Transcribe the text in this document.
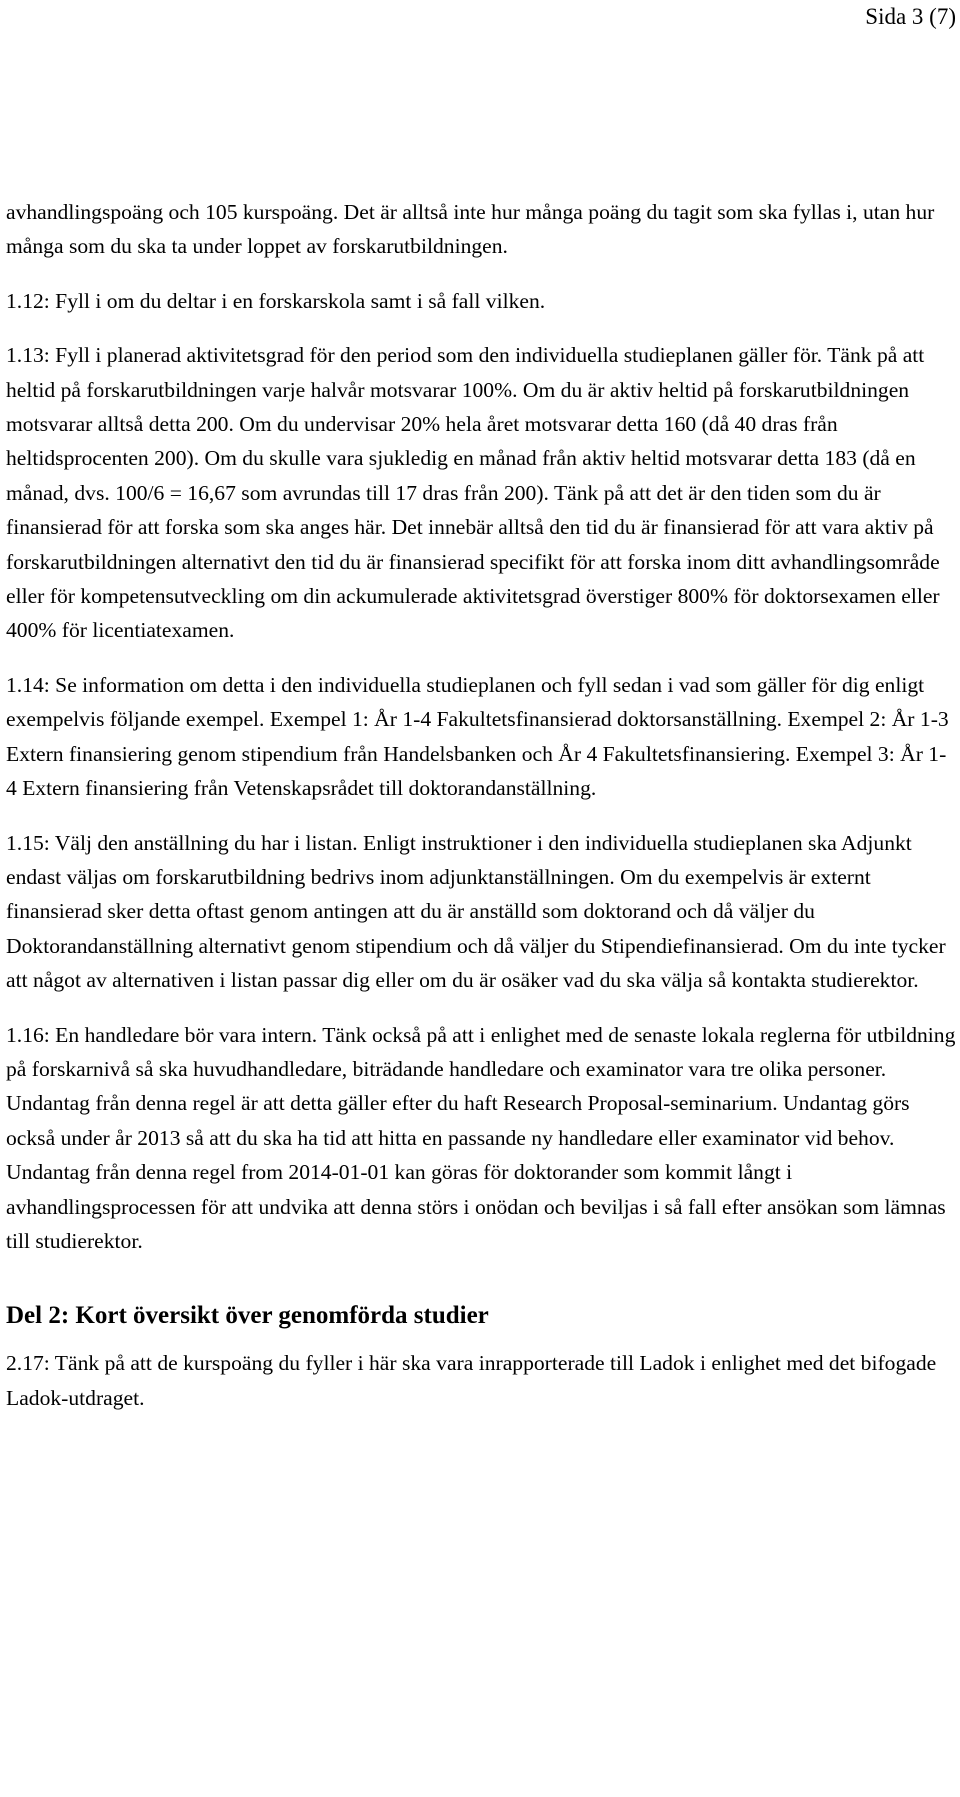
Sida 3 (7)

avhandlingspoäng och 105 kurspoäng. Det är alltså inte hur många poäng du tagit som ska fyllas i, utan hur många som du ska ta under loppet av forskarutbildningen.

1.12: Fyll i om du deltar i en forskarskola samt i så fall vilken.

1.13: Fyll i planerad aktivitetsgrad för den period som den individuella studieplanen gäller för. Tänk på att heltid på forskarutbildningen varje halvår motsvarar 100%. Om du är aktiv heltid på forskarutbildningen motsvarar alltså detta 200. Om du undervisar 20% hela året motsvarar detta 160 (då 40 dras från heltidsprocenten 200). Om du skulle vara sjukledig en månad från aktiv heltid motsvarar detta 183 (då en månad, dvs. 100/6 = 16,67 som avrundas till 17 dras från 200). Tänk på att det är den tiden som du är finansierad för att forska som ska anges här. Det innebär alltså den tid du är finansierad för att vara aktiv på forskarutbildningen alternativt den tid du är finansierad specifikt för att forska inom ditt avhandlingsområde eller för kompetensutveckling om din ackumulerade aktivitetsgrad överstiger 800% för doktorsexamen eller 400% för licentiatexamen.

1.14: Se information om detta i den individuella studieplanen och fyll sedan i vad som gäller för dig enligt exempelvis följande exempel. Exempel 1: År 1-4 Fakultetsfinansierad doktorsanställning. Exempel 2: År 1-3 Extern finansiering genom stipendium från Handelsbanken och År 4 Fakultetsfinansiering. Exempel 3: År 1-4 Extern finansiering från Vetenskapsrådet till doktorandanställning.

1.15: Välj den anställning du har i listan. Enligt instruktioner i den individuella studieplanen ska Adjunkt endast väljas om forskarutbildning bedrivs inom adjunktanställningen. Om du exempelvis är externt finansierad sker detta oftast genom antingen att du är anställd som doktorand och då väljer du Doktorandanställning alternativt genom stipendium och då väljer du Stipendiefinansierad. Om du inte tycker att något av alternativen i listan passar dig eller om du är osäker vad du ska välja så kontakta studierektor.

1.16: En handledare bör vara intern. Tänk också på att i enlighet med de senaste lokala reglerna för utbildning på forskarnivå så ska huvudhandledare, biträdande handledare och examinator vara tre olika personer. Undantag från denna regel är att detta gäller efter du haft Research Proposal-seminarium. Undantag görs också under år 2013 så att du ska ha tid att hitta en passande ny handledare eller examinator vid behov. Undantag från denna regel from 2014-01-01 kan göras för doktorander som kommit långt i avhandlingsprocessen för att undvika att denna störs i onödan och beviljas i så fall efter ansökan som lämnas till studierektor.

Del 2: Kort översikt över genomförda studier

2.17: Tänk på att de kurspoäng du fyller i här ska vara inrapporterade till Ladok i enlighet med det bifogade Ladok-utdraget.
